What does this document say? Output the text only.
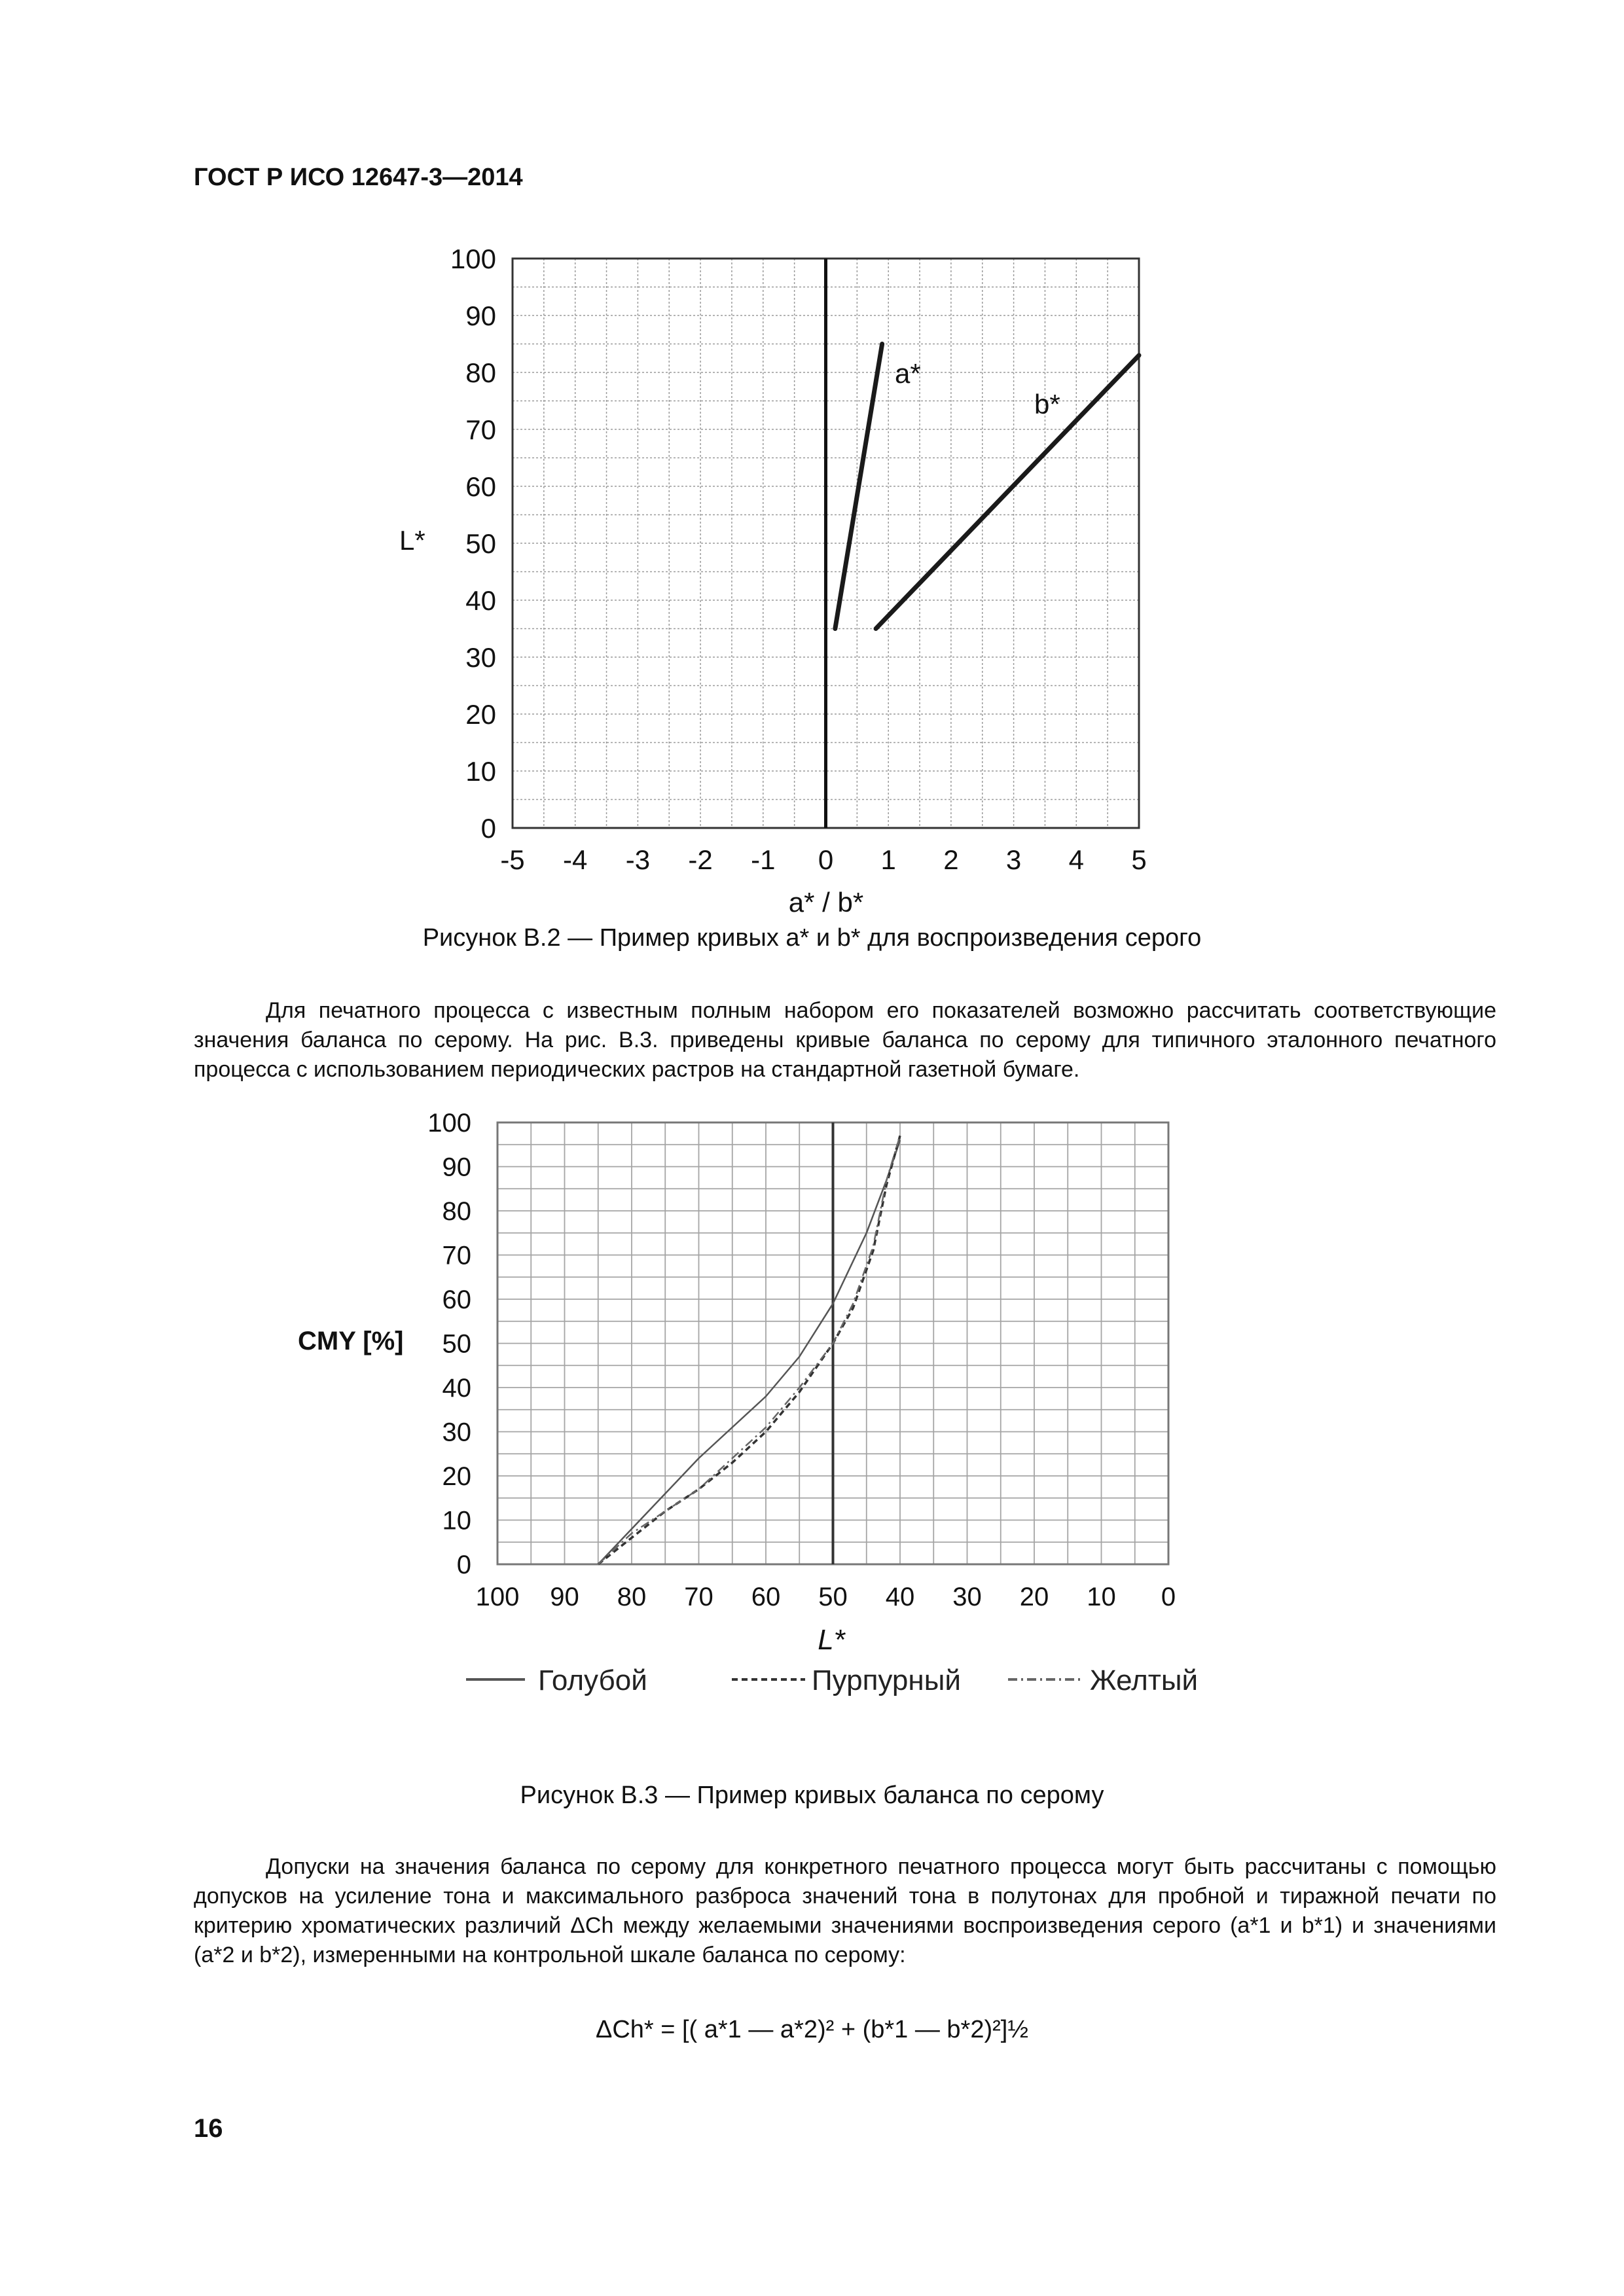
ГОСТ Р ИСО 12647-3—2014
-5 -4 -3 -2 -1 0 1 2 3 4 5
0
10
20
30
40
50
60
70
80
90
100
a* / b*
L*
a*
b*
100 90 80 70 60 50 40 30 20 10 0
0
10
20
30
40
50
60
70
80
90
100
L*
CMY [%]
Голубой	Пурпурный	Желтый
Рисунок В.2 — Пример кривых a* и b* для воспроизведения серого
Для печатного процесса с известным полным набором его показателей возможно рассчитать соответствующие значения баланса по серому. На рис. В.3. приведены кривые баланса по серому для типичного эталонного печатного процесса с использованием периодических растров на стандартной газетной бумаге.
Рисунок В.3 — Пример кривых баланса по серому
Допуски на значения баланса по серому для конкретного печатного процесса могут быть рассчитаны с помощью допусков на усиление тона и максимального разброса значений тона в полутонах для пробной и тиражной печати по критерию хроматических различий ΔCh между желаемыми значениями воспроизведения серого (a*1 и b*1) и значениями (a*2 и b*2), измеренными на контрольной шкале баланса по серому:
ΔCh* = [( a*1 — a*2)² + (b*1 — b*2)²]½
16
